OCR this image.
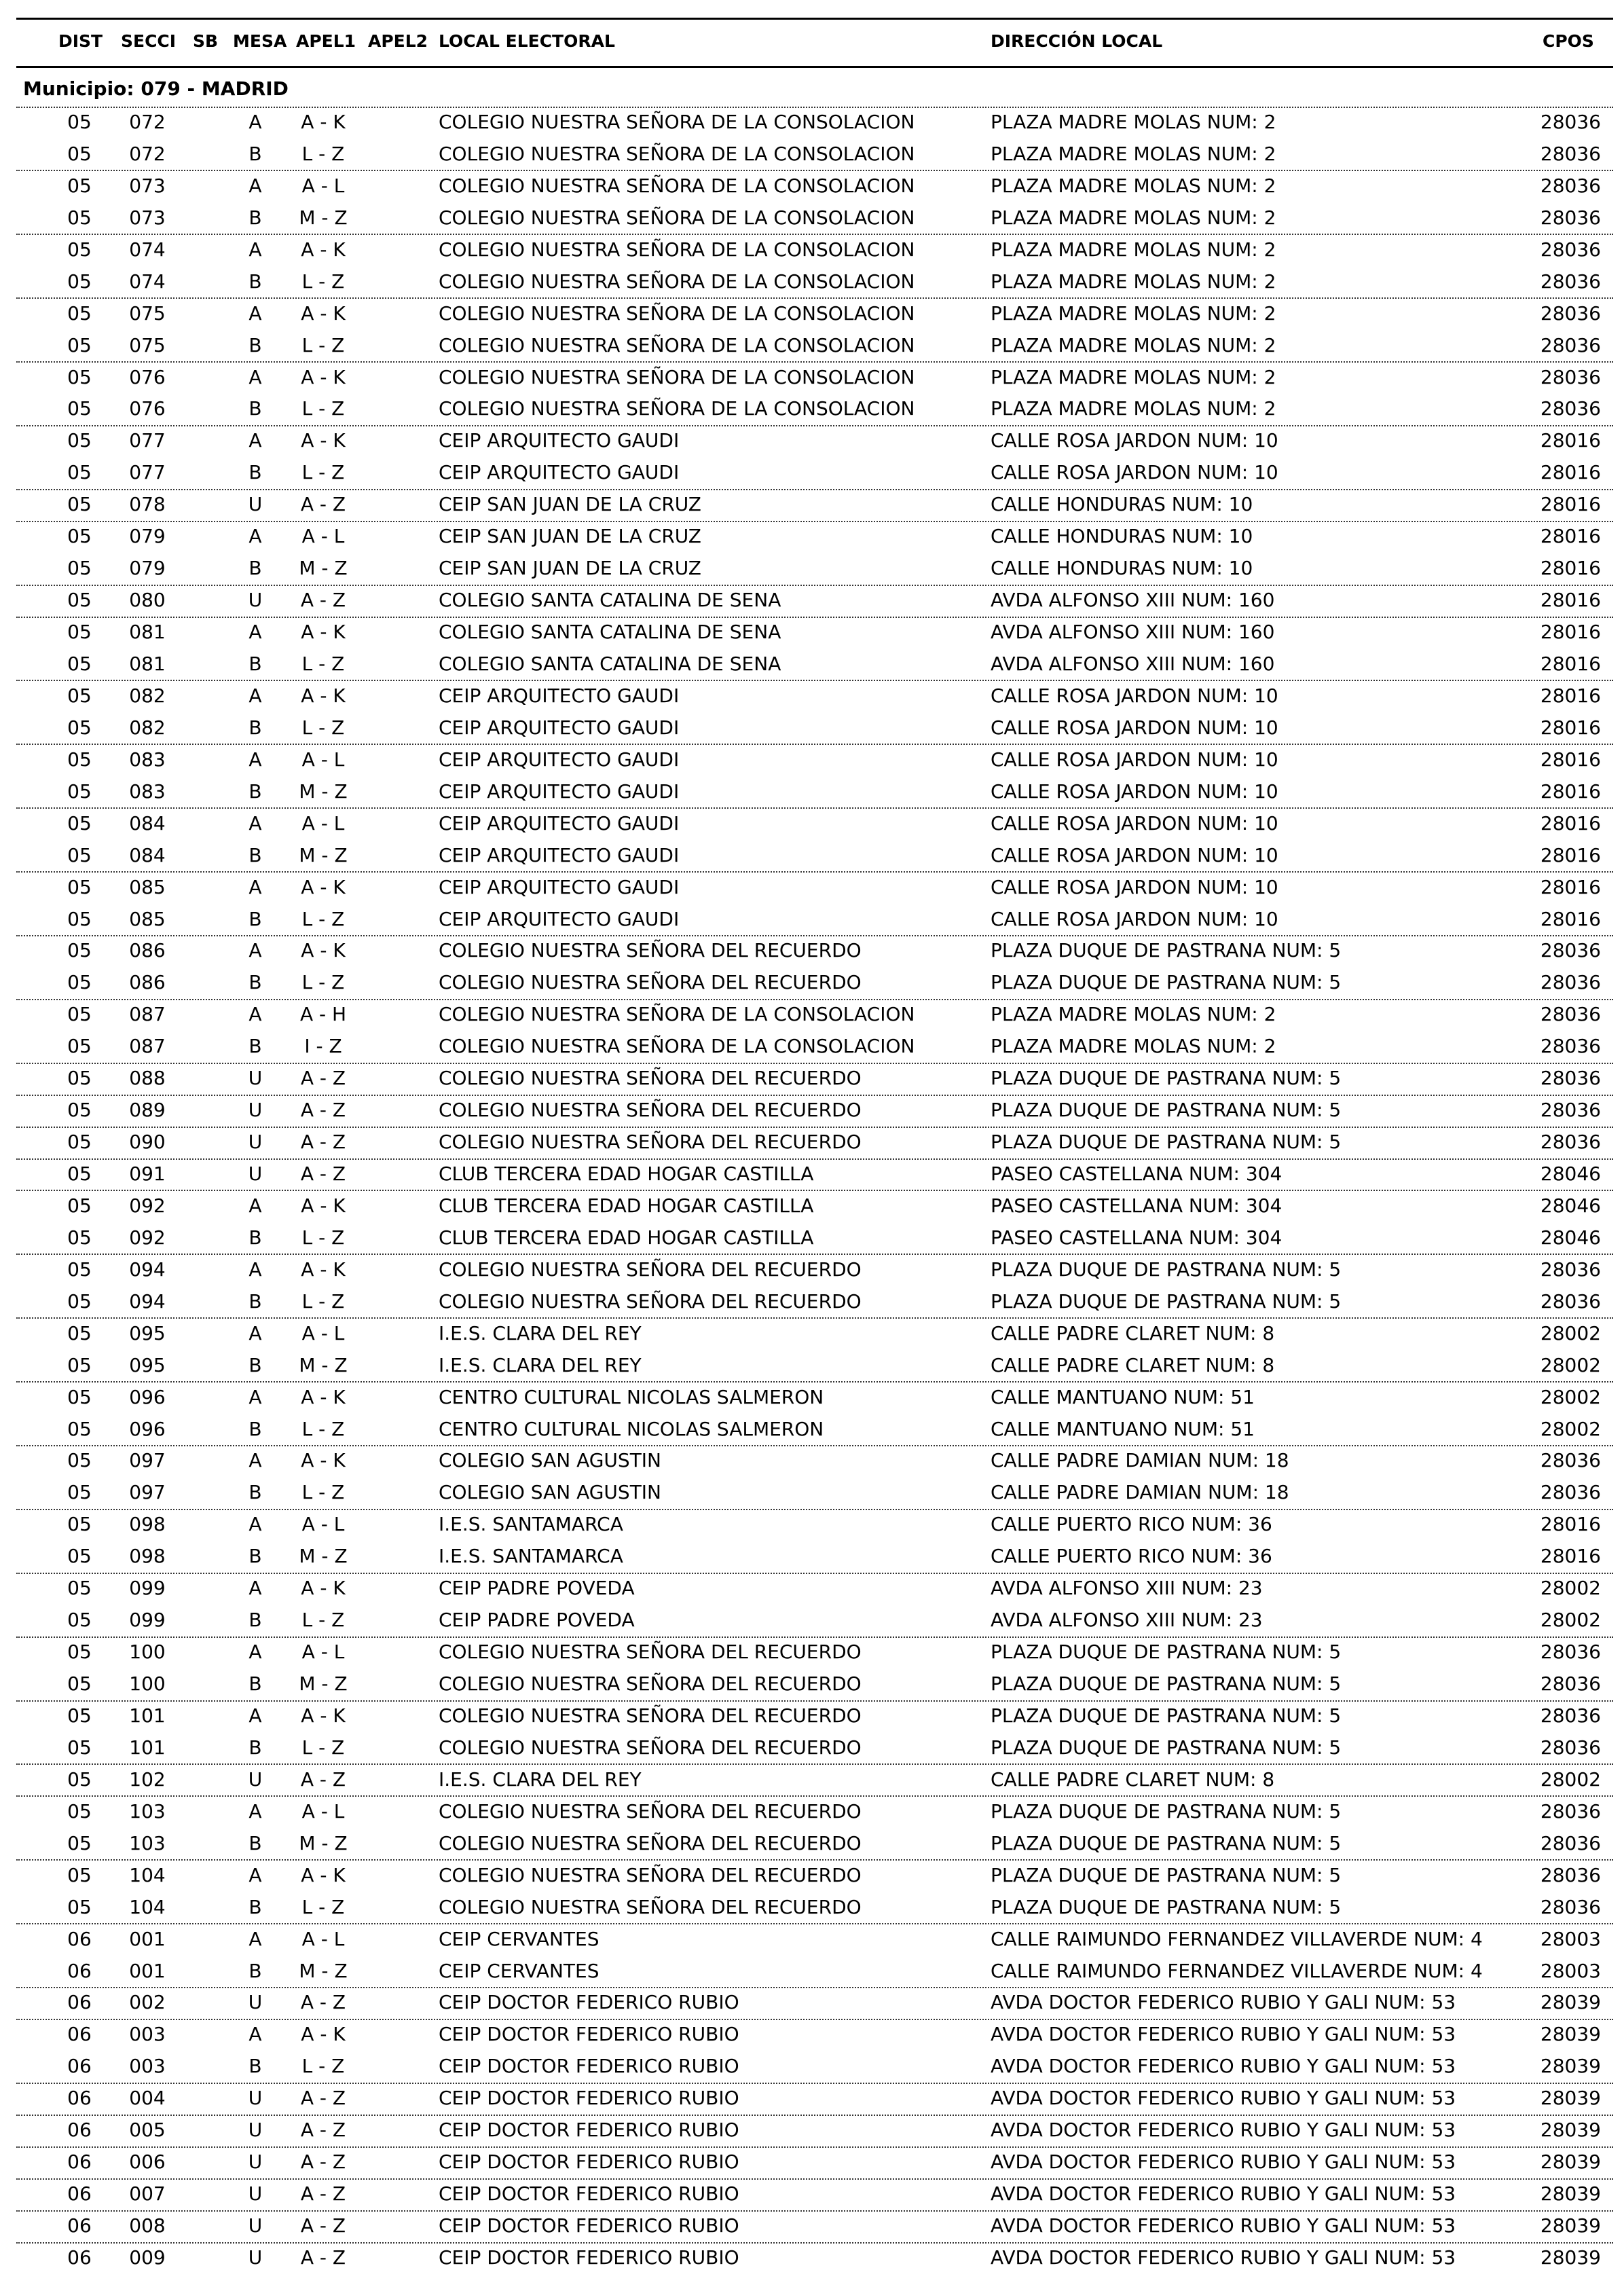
DIST SECCI SB MESA APEL1 APEL2 LOCAL ELECTORAL	DIRECCIÓN LOCAL	CPOS
Municipio: 079 - MADRID
05 072	A A - K	COLEGIO NUESTRA SEÑORA DE LA CONSOLACION	PLAZA MADRE MOLAS NUM: 2	28036
05 072	B L - Z	COLEGIO NUESTRA SEÑORA DE LA CONSOLACION	PLAZA MADRE MOLAS NUM: 2	28036
05 073	A A - L	COLEGIO NUESTRA SEÑORA DE LA CONSOLACION	PLAZA MADRE MOLAS NUM: 2	28036
05 073	B M - Z	COLEGIO NUESTRA SEÑORA DE LA CONSOLACION	PLAZA MADRE MOLAS NUM: 2	28036
05 074	A A - K	COLEGIO NUESTRA SEÑORA DE LA CONSOLACION	PLAZA MADRE MOLAS NUM: 2	28036
05 074	B L - Z	COLEGIO NUESTRA SEÑORA DE LA CONSOLACION	PLAZA MADRE MOLAS NUM: 2	28036
05 075	A A - K	COLEGIO NUESTRA SEÑORA DE LA CONSOLACION	PLAZA MADRE MOLAS NUM: 2	28036
05 075	B L - Z	COLEGIO NUESTRA SEÑORA DE LA CONSOLACION	PLAZA MADRE MOLAS NUM: 2	28036
05 076	A A - K	COLEGIO NUESTRA SEÑORA DE LA CONSOLACION	PLAZA MADRE MOLAS NUM: 2	28036
05 076	B L - Z	COLEGIO NUESTRA SEÑORA DE LA CONSOLACION	PLAZA MADRE MOLAS NUM: 2	28036
05 077	A A - K	CEIP ARQUITECTO GAUDI	CALLE ROSA JARDON NUM: 10	28016
05 077	B L - Z	CEIP ARQUITECTO GAUDI	CALLE ROSA JARDON NUM: 10	28016
05 078	U A - Z	CEIP SAN JUAN DE LA CRUZ	CALLE HONDURAS NUM: 10	28016
05 079	A A - L	CEIP SAN JUAN DE LA CRUZ	CALLE HONDURAS NUM: 10	28016
05 079	B M - Z	CEIP SAN JUAN DE LA CRUZ	CALLE HONDURAS NUM: 10	28016
05 080	U A - Z	COLEGIO SANTA CATALINA DE SENA	AVDA ALFONSO XIII NUM: 160	28016
05 081	A A - K	COLEGIO SANTA CATALINA DE SENA	AVDA ALFONSO XIII NUM: 160	28016
05 081	B L - Z	COLEGIO SANTA CATALINA DE SENA	AVDA ALFONSO XIII NUM: 160	28016
05 082	A A - K	CEIP ARQUITECTO GAUDI	CALLE ROSA JARDON NUM: 10	28016
05 082	B L - Z	CEIP ARQUITECTO GAUDI	CALLE ROSA JARDON NUM: 10	28016
05 083	A A - L	CEIP ARQUITECTO GAUDI	CALLE ROSA JARDON NUM: 10	28016
05 083	B M - Z	CEIP ARQUITECTO GAUDI	CALLE ROSA JARDON NUM: 10	28016
05 084	A A - L	CEIP ARQUITECTO GAUDI	CALLE ROSA JARDON NUM: 10	28016
05 084	B M - Z	CEIP ARQUITECTO GAUDI	CALLE ROSA JARDON NUM: 10	28016
05 085	A A - K	CEIP ARQUITECTO GAUDI	CALLE ROSA JARDON NUM: 10	28016
05 085	B L - Z	CEIP ARQUITECTO GAUDI	CALLE ROSA JARDON NUM: 10	28016
05 086	A A - K	COLEGIO NUESTRA SEÑORA DEL RECUERDO	PLAZA DUQUE DE PASTRANA NUM: 5	28036
05 086	B L - Z	COLEGIO NUESTRA SEÑORA DEL RECUERDO	PLAZA DUQUE DE PASTRANA NUM: 5	28036
05 087	A A - H	COLEGIO NUESTRA SEÑORA DE LA CONSOLACION	PLAZA MADRE MOLAS NUM: 2	28036
05 087	B I - Z	COLEGIO NUESTRA SEÑORA DE LA CONSOLACION	PLAZA MADRE MOLAS NUM: 2	28036
05 088	U A - Z	COLEGIO NUESTRA SEÑORA DEL RECUERDO	PLAZA DUQUE DE PASTRANA NUM: 5	28036
05 089	U A - Z	COLEGIO NUESTRA SEÑORA DEL RECUERDO	PLAZA DUQUE DE PASTRANA NUM: 5	28036
05 090	U A - Z	COLEGIO NUESTRA SEÑORA DEL RECUERDO	PLAZA DUQUE DE PASTRANA NUM: 5	28036
05 091	U A - Z	CLUB TERCERA EDAD HOGAR CASTILLA	PASEO CASTELLANA NUM: 304	28046
05 092	A A - K	CLUB TERCERA EDAD HOGAR CASTILLA	PASEO CASTELLANA NUM: 304	28046
05 092	B L - Z	CLUB TERCERA EDAD HOGAR CASTILLA	PASEO CASTELLANA NUM: 304	28046
05 094	A A - K	COLEGIO NUESTRA SEÑORA DEL RECUERDO	PLAZA DUQUE DE PASTRANA NUM: 5	28036
05 094	B L - Z	COLEGIO NUESTRA SEÑORA DEL RECUERDO	PLAZA DUQUE DE PASTRANA NUM: 5	28036
05 095	A A - L	I.E.S. CLARA DEL REY	CALLE PADRE CLARET NUM: 8	28002
05 095	B M - Z	I.E.S. CLARA DEL REY	CALLE PADRE CLARET NUM: 8	28002
05 096	A A - K	CENTRO CULTURAL NICOLAS SALMERON	CALLE MANTUANO NUM: 51	28002
05 096	B L - Z	CENTRO CULTURAL NICOLAS SALMERON	CALLE MANTUANO NUM: 51	28002
05 097	A A - K	COLEGIO SAN AGUSTIN	CALLE PADRE DAMIAN NUM: 18	28036
05 097	B L - Z	COLEGIO SAN AGUSTIN	CALLE PADRE DAMIAN NUM: 18	28036
05 098	A A - L	I.E.S. SANTAMARCA	CALLE PUERTO RICO NUM: 36	28016
05 098	B M - Z	I.E.S. SANTAMARCA	CALLE PUERTO RICO NUM: 36	28016
05 099	A A - K	CEIP PADRE POVEDA	AVDA ALFONSO XIII NUM: 23	28002
05 099	B L - Z	CEIP PADRE POVEDA	AVDA ALFONSO XIII NUM: 23	28002
05 100	A A - L	COLEGIO NUESTRA SEÑORA DEL RECUERDO	PLAZA DUQUE DE PASTRANA NUM: 5	28036
05 100	B M - Z	COLEGIO NUESTRA SEÑORA DEL RECUERDO	PLAZA DUQUE DE PASTRANA NUM: 5	28036
05 101	A A - K	COLEGIO NUESTRA SEÑORA DEL RECUERDO	PLAZA DUQUE DE PASTRANA NUM: 5	28036
05 101	B L - Z	COLEGIO NUESTRA SEÑORA DEL RECUERDO	PLAZA DUQUE DE PASTRANA NUM: 5	28036
05 102	U A - Z	I.E.S. CLARA DEL REY	CALLE PADRE CLARET NUM: 8	28002
05 103	A A - L	COLEGIO NUESTRA SEÑORA DEL RECUERDO	PLAZA DUQUE DE PASTRANA NUM: 5	28036
05 103	B M - Z	COLEGIO NUESTRA SEÑORA DEL RECUERDO	PLAZA DUQUE DE PASTRANA NUM: 5	28036
05 104	A A - K	COLEGIO NUESTRA SEÑORA DEL RECUERDO	PLAZA DUQUE DE PASTRANA NUM: 5	28036
05 104	B L - Z	COLEGIO NUESTRA SEÑORA DEL RECUERDO	PLAZA DUQUE DE PASTRANA NUM: 5	28036
06 001	A A - L	CEIP CERVANTES	CALLE RAIMUNDO FERNANDEZ VILLAVERDE NUM: 4	28003
06 001	B M - Z	CEIP CERVANTES	CALLE RAIMUNDO FERNANDEZ VILLAVERDE NUM: 4	28003
06 002	U A - Z	CEIP DOCTOR FEDERICO RUBIO	AVDA DOCTOR FEDERICO RUBIO Y GALI NUM: 53	28039
06 003	A A - K	CEIP DOCTOR FEDERICO RUBIO	AVDA DOCTOR FEDERICO RUBIO Y GALI NUM: 53	28039
06 003	B L - Z	CEIP DOCTOR FEDERICO RUBIO	AVDA DOCTOR FEDERICO RUBIO Y GALI NUM: 53	28039
06 004	U A - Z	CEIP DOCTOR FEDERICO RUBIO	AVDA DOCTOR FEDERICO RUBIO Y GALI NUM: 53	28039
06 005	U A - Z	CEIP DOCTOR FEDERICO RUBIO	AVDA DOCTOR FEDERICO RUBIO Y GALI NUM: 53	28039
06 006	U A - Z	CEIP DOCTOR FEDERICO RUBIO	AVDA DOCTOR FEDERICO RUBIO Y GALI NUM: 53	28039
06 007	U A - Z	CEIP DOCTOR FEDERICO RUBIO	AVDA DOCTOR FEDERICO RUBIO Y GALI NUM: 53	28039
06 008	U A - Z	CEIP DOCTOR FEDERICO RUBIO	AVDA DOCTOR FEDERICO RUBIO Y GALI NUM: 53	28039
06 009	U A - Z	CEIP DOCTOR FEDERICO RUBIO	AVDA DOCTOR FEDERICO RUBIO Y GALI NUM: 53	28039
